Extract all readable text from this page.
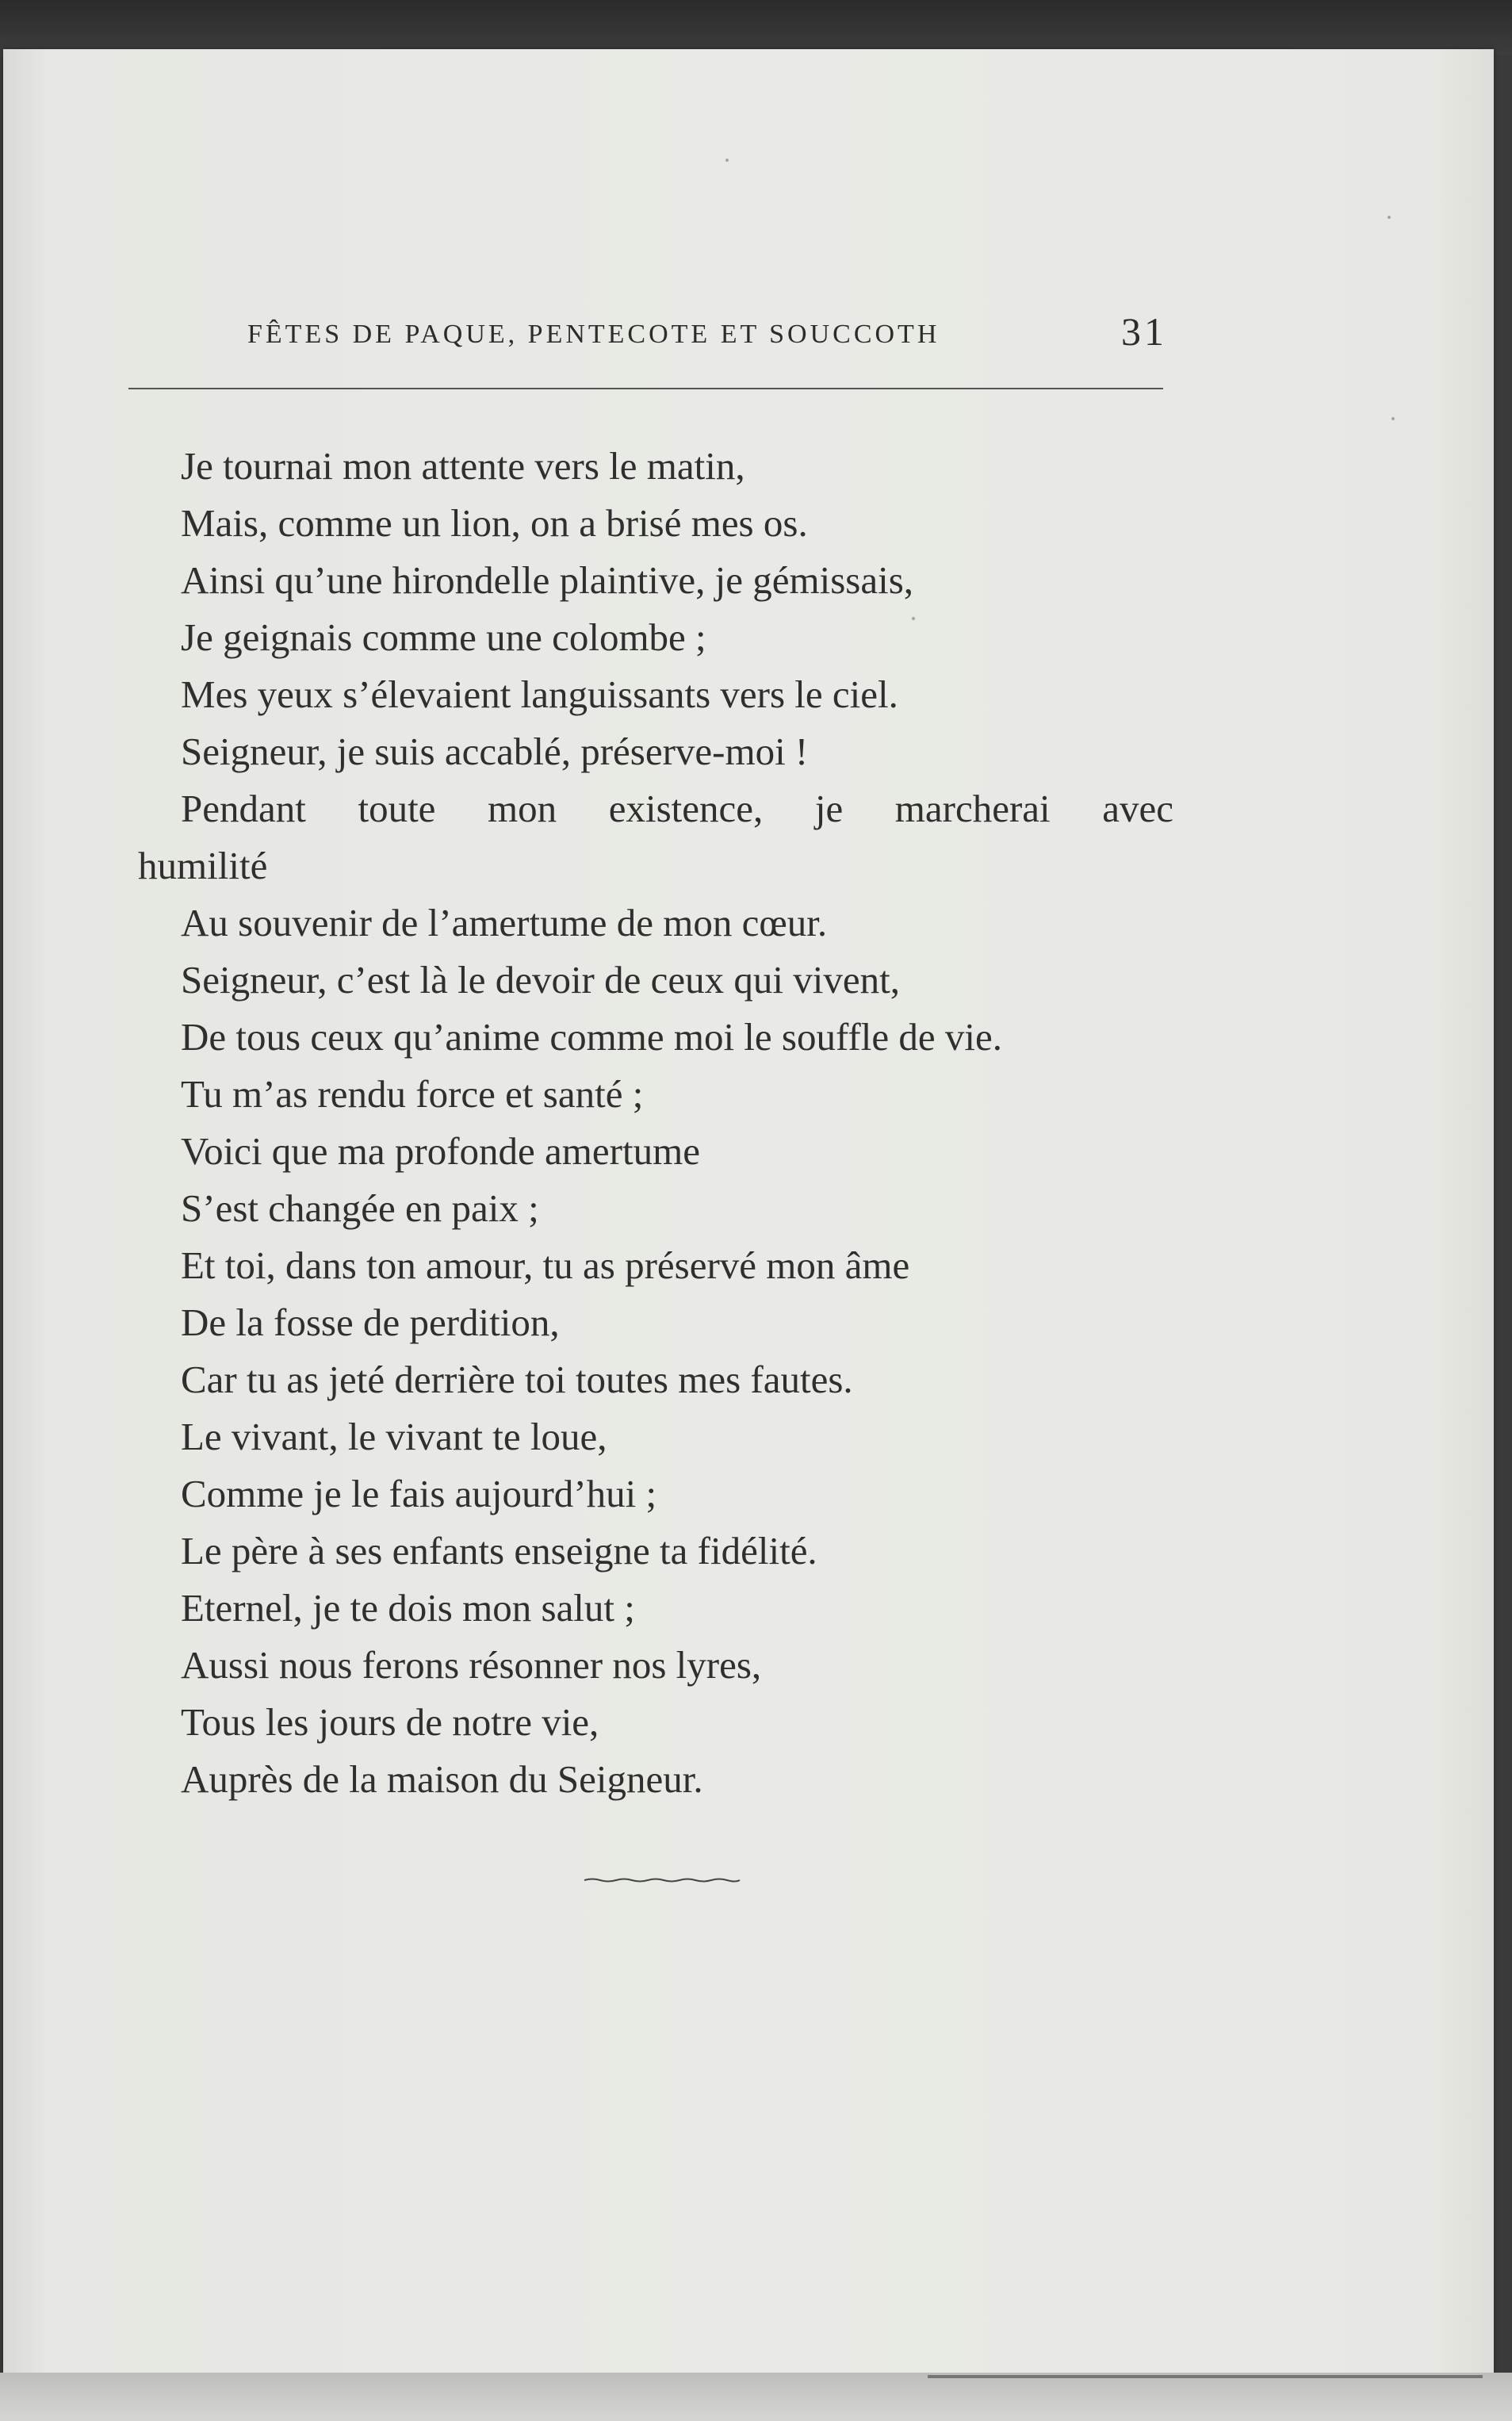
FÊTES DE PAQUE, PENTECOTE ET SOUCCOTH	31
Je tournai mon attente vers le matin,
Mais, comme un lion, on a brisé mes os.
Ainsi qu’une hirondelle plaintive, je gémissais,
Je geignais comme une colombe ;
Mes yeux s’élevaient languissants vers le ciel.
Seigneur, je suis accablé, préserve-moi !
Pendant toute mon existence, je marcherai avec
humilité
Au souvenir de l’amertume de mon cœur.
Seigneur, c’est là le devoir de ceux qui vivent,
De tous ceux qu’anime comme moi le souffle de vie.
Tu m’as rendu force et santé ;
Voici que ma profonde amertume
S’est changée en paix ;
Et toi, dans ton amour, tu as préservé mon âme
De la fosse de perdition,
Car tu as jeté derrière toi toutes mes fautes.
Le vivant, le vivant te loue,
Comme je le fais aujourd’hui ;
Le père à ses enfants enseigne ta fidélité.
Eternel, je te dois mon salut ;
Aussi nous ferons résonner nos lyres,
Tous les jours de notre vie,
Auprès de la maison du Seigneur.
